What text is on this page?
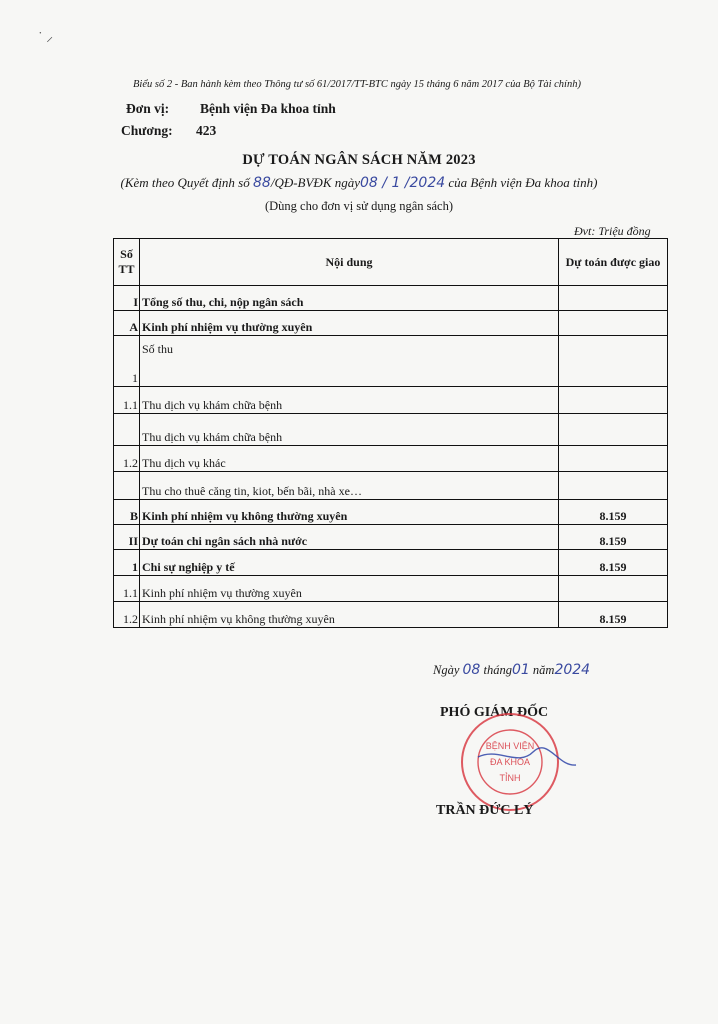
˙ ⸝
Biểu số 2 - Ban hành kèm theo Thông tư số 61/2017/TT-BTC ngày 15 tháng 6 năm 2017 của Bộ Tài chính)
Đơn vị: Bệnh viện Đa khoa tỉnh
Chương: 423
DỰ TOÁN NGÂN SÁCH NĂM 2023
(Kèm theo Quyết định số 88/QĐ-BVĐK ngày08 / 1 /2024 của Bệnh viện Đa khoa tỉnh)
(Dùng cho đơn vị sử dụng ngân sách)
Đvt: Triệu đồng
Số TT	Nội dung	Dự toán được giao
I	Tổng số thu, chi, nộp ngân sách	
A	Kinh phí nhiệm vụ thường xuyên	
1	Số thu	
1.1	Thu dịch vụ khám chữa bệnh	
	Thu dịch vụ khám chữa bệnh	
1.2	Thu dịch vụ khác	
	Thu cho thuê căng tin, kiot, bến bãi, nhà xe…	
B	Kinh phí nhiệm vụ không thường xuyên	8.159
II	Dự toán chi ngân sách nhà nước	8.159
1	Chi sự nghiệp y tế	8.159
1.1	Kinh phí nhiệm vụ thường xuyên	
1.2	Kinh phí nhiệm vụ không thường xuyên	8.159
Ngày 08 tháng01 năm2024
PHÓ GIÁM ĐỐC
BỆNH VIỆN
ĐA KHOA
TỈNH
TRẦN ĐỨC LÝ
